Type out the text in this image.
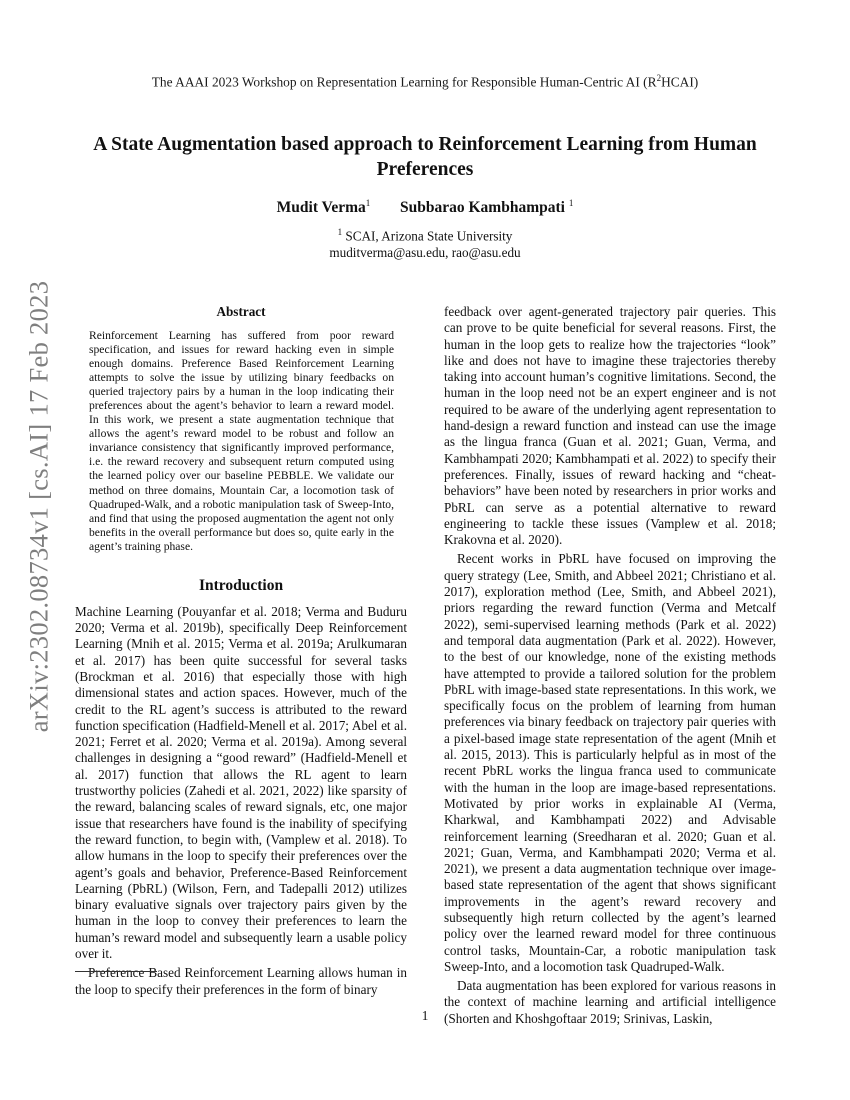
The AAAI 2023 Workshop on Representation Learning for Responsible Human-Centric AI $(R^2HCAI)$
A State Augmentation based approach to Reinforcement Learning from Human Preferences
Mudit Verma$^1$ Subbarao Kambhampati $^1$
$^1$ SCAI, Arizona State University
muditverma@asu.edu, rao@asu.edu
arXiv:2302.08734v1 [cs.AI] 17 Feb 2023	Abstract

Reinforcement Learning has suffered from poor reward specification, and issues for reward hacking even in simple enough domains. Preference Based Reinforcement Learning attempts to solve the issue by utilizing binary feedbacks on queried trajectory pairs by a human in the loop indicating their preferences about the agent’s behavior to learn a reward model. In this work, we present a state augmentation technique that allows the agent’s reward model to be robust and follow an invariance consistency that significantly improved performance, i.e. the reward recovery and subsequent return computed using the learned policy over our baseline PEBBLE. We validate our method on three domains, Mountain Car, a locomotion task of Quadruped-Walk, and a robotic manipulation task of Sweep-Into, and find that using the proposed augmentation the agent not only benefits in the overall performance but does so, quite early in the agent’s training phase.

Introduction

Machine Learning (Pouyanfar et al. 2018; Verma and Buduru 2020; Verma et al. 2019b), specifically Deep Reinforcement Learning (Mnih et al. 2015; Verma et al. 2019a; Arulkumaran et al. 2017) has been quite successful for several tasks (Brockman et al. 2016) that especially those with high dimensional states and action spaces. However, much of the credit to the RL agent’s success is attributed to the reward function specification (Hadfield-Menell et al. 2017; Abel et al. 2021; Ferret et al. 2020; Verma et al. 2019a). Among several challenges in designing a “good reward” (Hadfield-Menell et al. 2017) function that allows the RL agent to learn trustworthy policies (Zahedi et al. 2021, 2022) like sparsity of the reward, balancing scales of reward signals, etc, one major issue that researchers have found is the inability of specifying the reward function, to begin with, (Vamplew et al. 2018). To allow humans in the loop to specify their preferences over the agent’s goals and behavior, Preference-Based Reinforcement Learning (PbRL) (Wilson, Fern, and Tadepalli 2012) utilizes binary evaluative signals over trajectory pairs given by the human in the loop to convey their preferences to learn the human’s reward model and subsequently learn a usable policy over it.

Preference Based Reinforcement Learning allows human in the loop to specify their preferences in the form of binary

feedback over agent-generated trajectory pair queries. This can prove to be quite beneficial for several reasons. First, the human in the loop gets to realize how the trajectories “look” like and does not have to imagine these trajectories thereby taking into account human’s cognitive limitations. Second, the human in the loop need not be an expert engineer and is not required to be aware of the underlying agent representation to hand-design a reward function and instead can use the image as the lingua franca (Guan et al. 2021; Guan, Verma, and Kambhampati 2020; Kambhampati et al. 2022) to specify their preferences. Finally, issues of reward hacking and “cheat-behaviors” have been noted by researchers in prior works and PbRL can serve as a potential alternative to reward engineering to tackle these issues (Vamplew et al. 2018; Krakovna et al. 2020).

Recent works in PbRL have focused on improving the query strategy (Lee, Smith, and Abbeel 2021; Christiano et al. 2017), exploration method (Lee, Smith, and Abbeel 2021), priors regarding the reward function (Verma and Metcalf 2022), semi-supervised learning methods (Park et al. 2022) and temporal data augmentation (Park et al. 2022). However, to the best of our knowledge, none of the existing methods have attempted to provide a tailored solution for the problem PbRL with image-based state representations. In this work, we specifically focus on the problem of learning from human preferences via binary feedback on trajectory pair queries with a pixel-based image state representation of the agent (Mnih et al. 2015, 2013). This is particularly helpful as in most of the recent PbRL works the lingua franca used to communicate with the human in the loop are image-based representations. Motivated by prior works in explainable AI (Verma, Kharkwal, and Kambhampati 2022) and Advisable reinforcement learning (Sreedharan et al. 2020; Guan et al. 2021; Guan, Verma, and Kambhampati 2020; Verma et al. 2021), we present a data augmentation technique over image-based state representation of the agent that shows significant improvements in the agent’s reward recovery and subsequently high return collected by the agent’s learned policy over the learned reward model for three continuous control tasks, Mountain-Car, a robotic manipulation task Sweep-Into, and a locomotion task Quadruped-Walk.

Data augmentation has been explored for various reasons in the context of machine learning and artificial intelligence (Shorten and Khoshgoftaar 2019; Srinivas, Laskin,

1
